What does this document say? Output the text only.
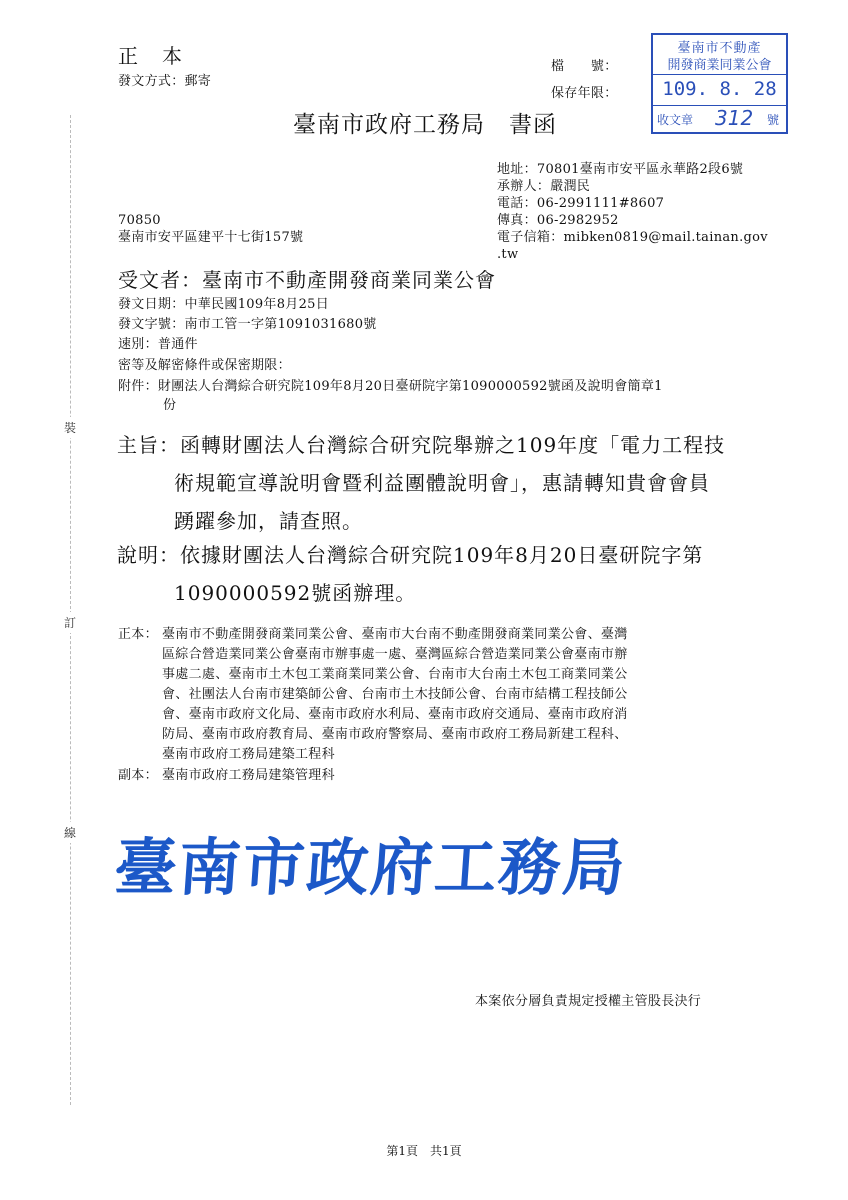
裝
訂
線
正　本
發文方式：郵寄
檔　　號：
保存年限：
臺南市政府工務局　書函
臺南市不動產
開發商業同業公會
109. 8. 28
收文章 312 號
地址：70801臺南市安平區永華路2段6號
承辦人：嚴潤民
電話：06-2991111#8607
傳真：06-2982952
電子信箱：mibken0819@mail.tainan.gov
.tw
70850
臺南市安平區建平十七街157號
受文者：臺南市不動產開發商業同業公會
發文日期：中華民國109年8月25日
發文字號：南市工管一字第1091031680號
速別：普通件
密等及解密條件或保密期限：
附件：財團法人台灣綜合研究院109年8月20日臺研院字第1090000592號函及說明會簡章1
份
主旨：函轉財團法人台灣綜合研究院舉辦之109年度「電力工程技
術規範宣導說明會暨利益團體說明會」，惠請轉知貴會會員
踴躍參加，請查照。
說明：依據財團法人台灣綜合研究院109年8月20日臺研院字第
1090000592號函辦理。
正本： 臺南市不動產開發商業同業公會、臺南市大台南不動產開發商業同業公會、臺灣
區綜合營造業同業公會臺南市辦事處一處、臺灣區綜合營造業同業公會臺南市辦
事處二處、臺南市土木包工業商業同業公會、台南市大台南土木包工商業同業公
會、社團法人台南市建築師公會、台南市土木技師公會、台南市結構工程技師公
會、臺南市政府文化局、臺南市政府水利局、臺南市政府交通局、臺南市政府消
防局、臺南市政府教育局、臺南市政府警察局、臺南市政府工務局新建工程科、
臺南市政府工務局建築工程科
副本： 臺南市政府工務局建築管理科
臺南市政府工務局
本案依分層負責規定授權主管股長決行
第1頁　共1頁
